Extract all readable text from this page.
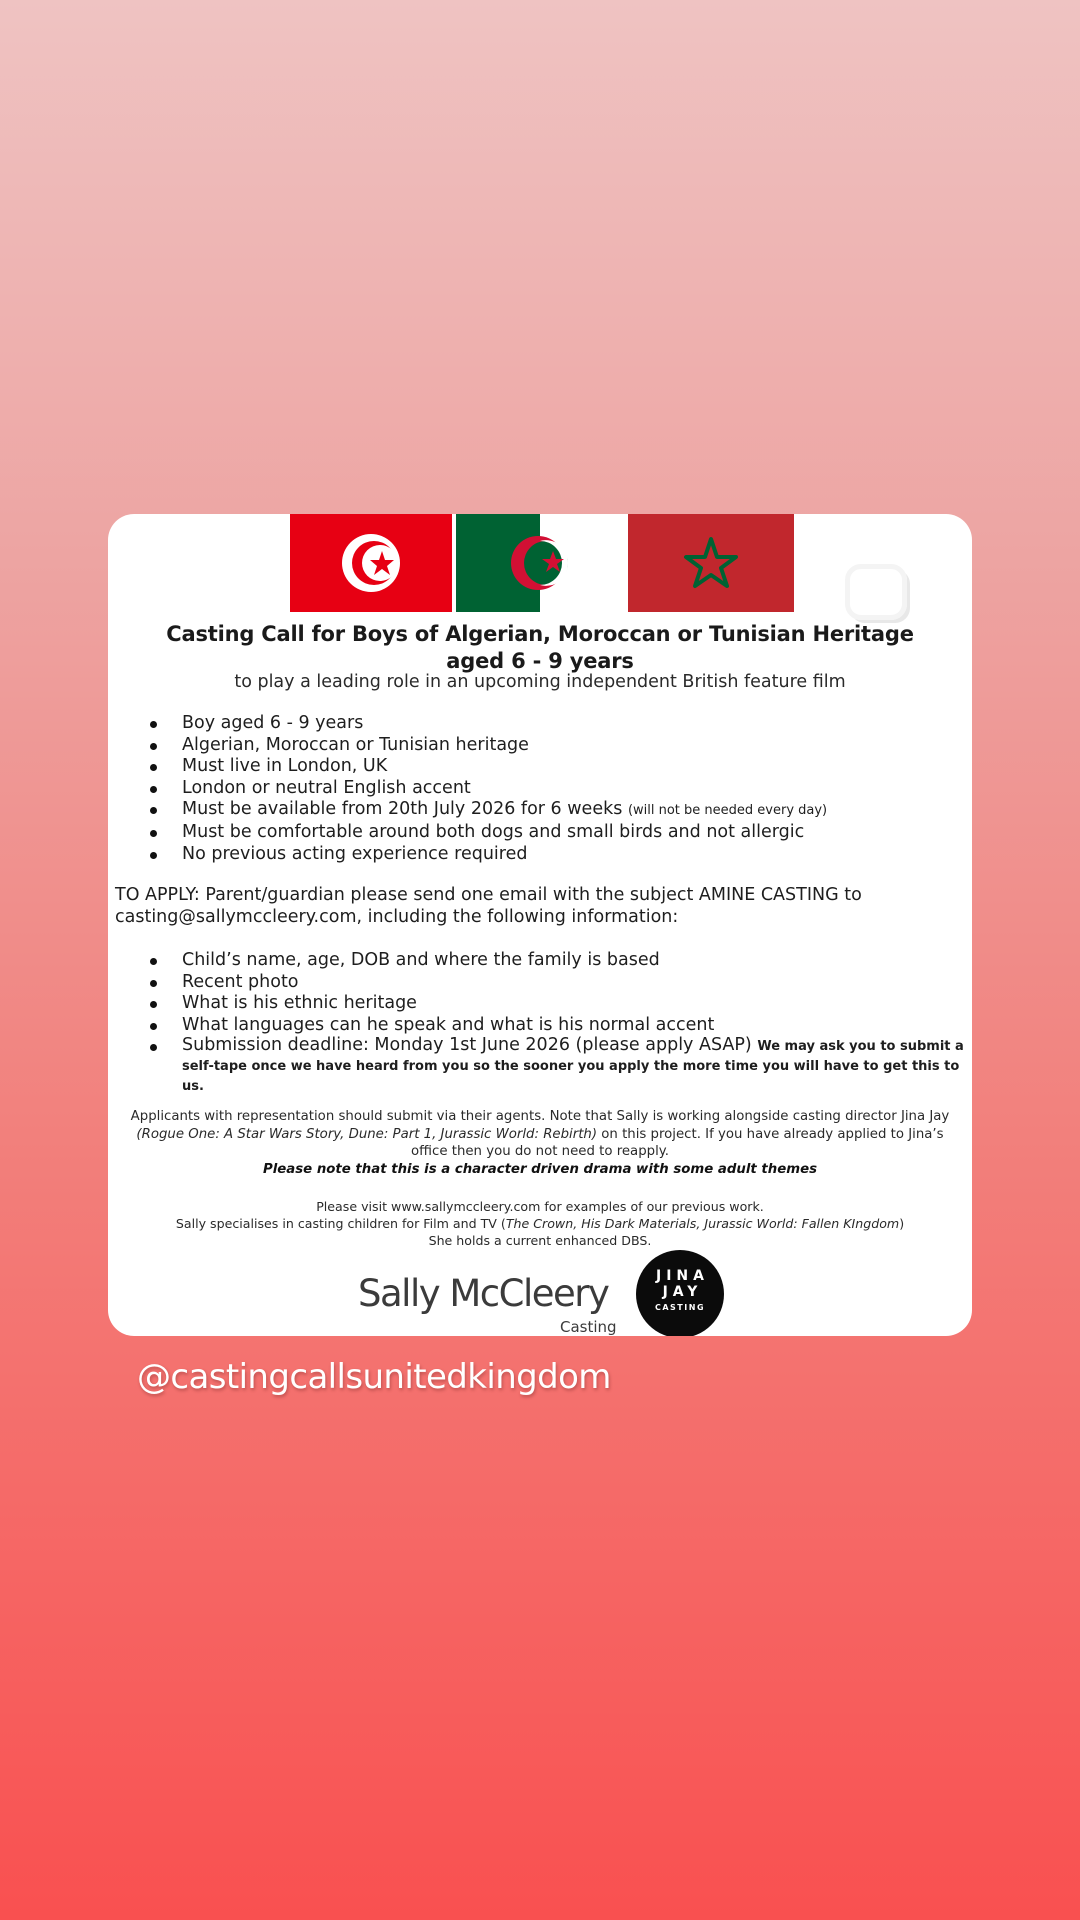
Casting Call for Boys of Algerian, Moroccan or Tunisian Heritage
aged 6 - 9 years
to play a leading role in an upcoming independent British feature film
Boy aged 6 - 9 years
Algerian, Moroccan or Tunisian heritage
Must live in London, UK
London or neutral English accent
Must be available from 20th July 2026 for 6 weeks (will not be needed every day)
Must be comfortable around both dogs and small birds and not allergic
No previous acting experience required
TO APPLY: Parent/guardian please send one email with the subject AMINE CASTING to casting@sallymccleery.com, including the following information:
Child’s name, age, DOB and where the family is based
Recent photo
What is his ethnic heritage
What languages can he speak and what is his normal accent
Submission deadline: Monday 1st June 2026 (please apply ASAP) We may ask you to submit a self-tape once we have heard from you so the sooner you apply the more time you will have to get this to us.
Applicants with representation should submit via their agents. Note that Sally is working alongside casting director Jina Jay (Rogue One: A Star Wars Story, Dune: Part 1, Jurassic World: Rebirth) on this project. If you have already applied to Jina’s office then you do not need to reapply.
Please note that this is a character driven drama with some adult themes
Please visit www.sallymccleery.com for examples of our previous work.
Sally specialises in casting children for Film and TV (The Crown, His Dark Materials, Jurassic World: Fallen KIngdom)
She holds a current enhanced DBS.
Sally McCleery
Casting
JINA
JAY
CASTING
@castingcallsunitedkingdom
